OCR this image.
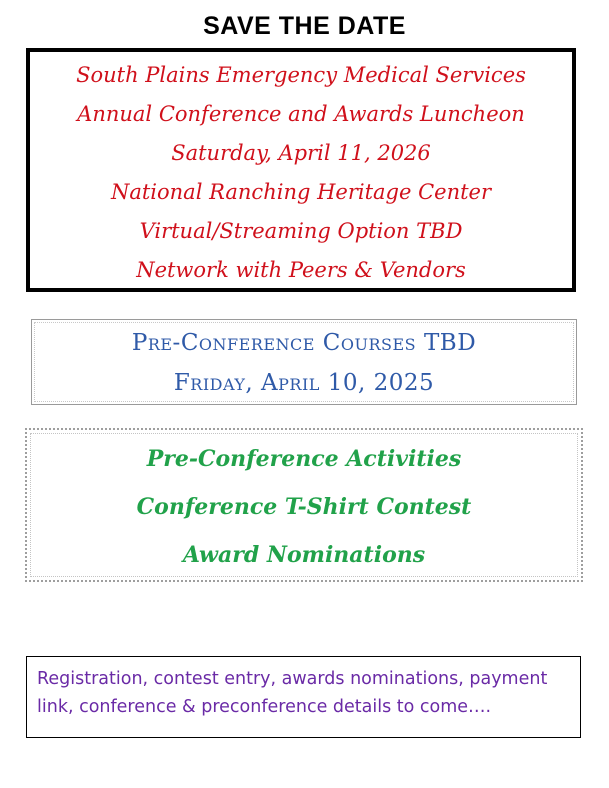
SAVE THE DATE
South Plains Emergency Medical Services
Annual Conference and Awards Luncheon
Saturday, April 11, 2026
National Ranching Heritage Center
Virtual/Streaming Option TBD
Network with Peers & Vendors
Pre-Conference Courses TBD
Friday, April 10, 2025
Pre-Conference Activities
Conference T-Shirt Contest
Award Nominations
Registration, contest entry, awards nominations, payment link, conference & preconference details to come….
